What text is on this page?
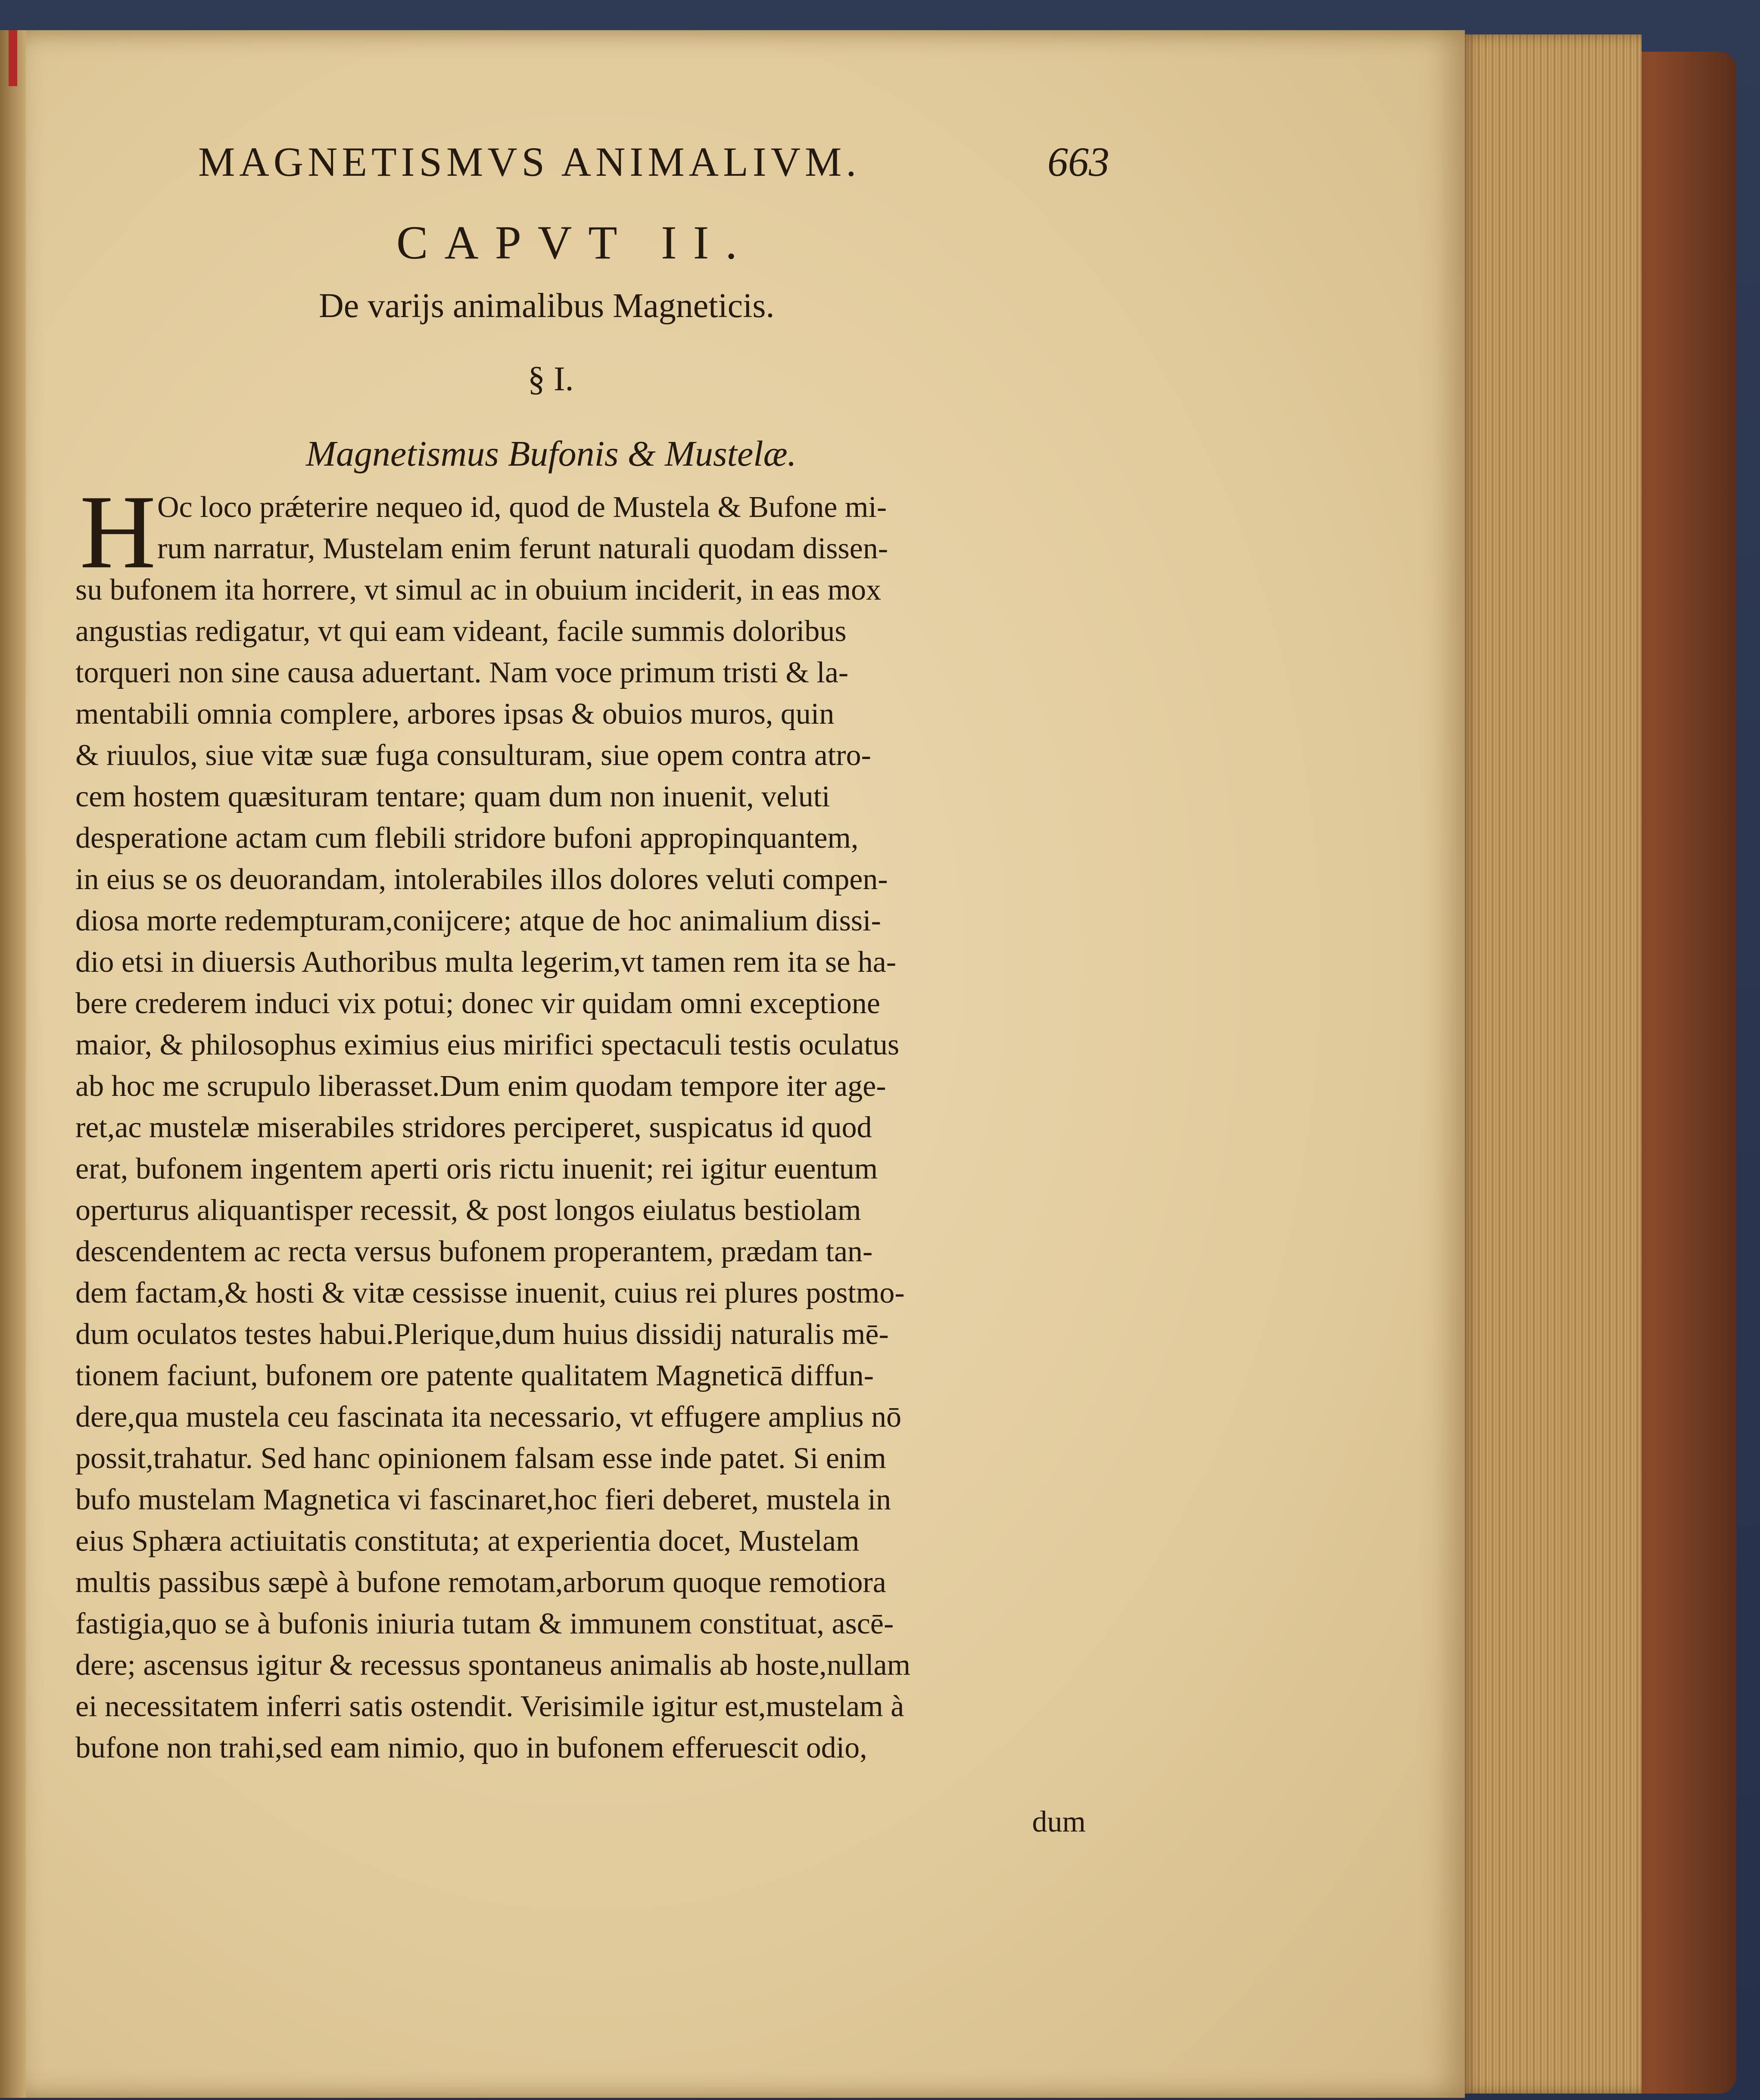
MAGNETISMVS ANIMALIVM.	663
CAPVT II.
De varijs animalibus Magneticis.
§ I.
Magnetismus Bufonis & Mustelæ.
H Oc loco prǽterire nequeo id, quod de Mustela & Bufone mi-
rum narratur, Mustelam enim ferunt naturali quodam dissen-
su bufonem ita horrere, vt simul ac in obuium inciderit, in eas mox
angustias redigatur, vt qui eam videant, facile summis doloribus
torqueri non sine causa aduertant. Nam voce primum tristi & la-
mentabili omnia complere, arbores ipsas & obuios muros, quin
& riuulos, siue vitæ suæ fuga consulturam, siue opem contra atro-
cem hostem quæsituram tentare; quam dum non inuenit, veluti
desperatione actam cum flebili stridore bufoni appropinquantem,
in eius se os deuorandam, intolerabiles illos dolores veluti compen-
diosa morte redempturam,conijcere; atque de hoc animalium dissi-
dio etsi in diuersis Authoribus multa legerim,vt tamen rem ita se ha-
bere crederem induci vix potui; donec vir quidam omni exceptione
maior, & philosophus eximius eius mirifici spectaculi testis oculatus
ab hoc me scrupulo liberasset.Dum enim quodam tempore iter age-
ret,ac mustelæ miserabiles stridores perciperet, suspicatus id quod
erat, bufonem ingentem aperti oris rictu inuenit; rei igitur euentum
operturus aliquantisper recessit, & post longos eiulatus bestiolam
descendentem ac recta versus bufonem properantem, prædam tan-
dem factam,& hosti & vitæ cessisse inuenit, cuius rei plures postmo-
dum oculatos testes habui.Plerique,dum huius dissidij naturalis mē-
tionem faciunt, bufonem ore patente qualitatem Magneticā diffun-
dere,qua mustela ceu fascinata ita necessario, vt effugere amplius nō
possit,trahatur. Sed hanc opinionem falsam esse inde patet. Si enim
bufo mustelam Magnetica vi fascinaret,hoc fieri deberet, mustela in
eius Sphæra actiuitatis constituta; at experientia docet, Mustelam
multis passibus sæpè à bufone remotam,arborum quoque remotiora
fastigia,quo se à bufonis iniuria tutam & immunem constituat, ascē-
dere; ascensus igitur & recessus spontaneus animalis ab hoste,nullam
ei necessitatem inferri satis ostendit. Verisimile igitur est,mustelam à
bufone non trahi,sed eam nimio, quo in bufonem efferuescit odio,
dum
